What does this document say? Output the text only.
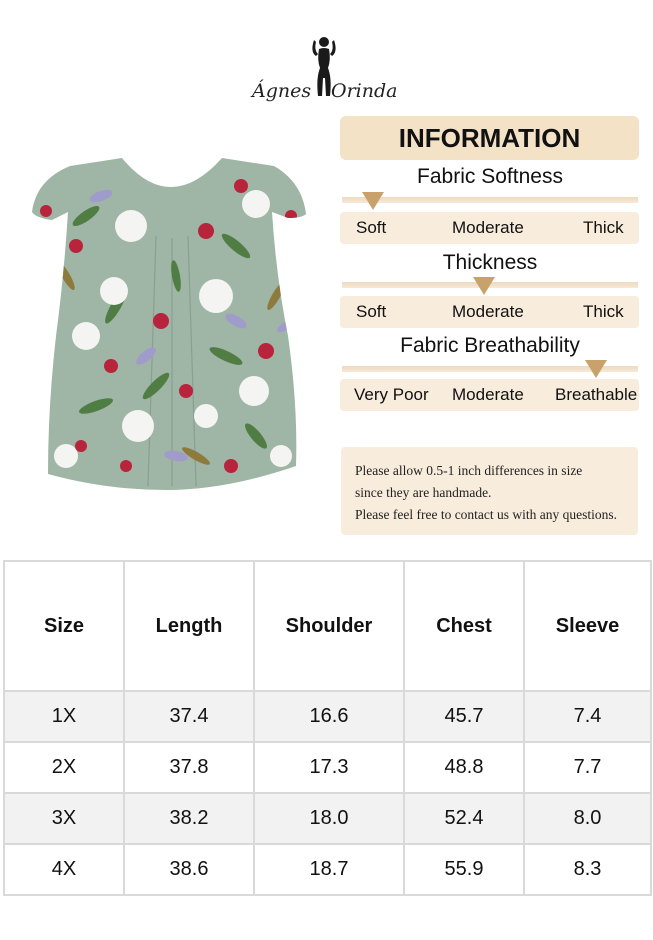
Ágnes Orinda
INFORMATION
Fabric Softness
Soft	Moderate	Thick
Thickness
Soft	Moderate	Thick
Fabric Breathability
Very Poor Moderate Breathable
Please allow 0.5-1 inch differences in size
since they are handmade.
Please feel free to contact us with any questions.
Size	Length	Shoulder	Chest	Sleeve
1X	37.4	16.6	45.7	7.4
2X	37.8	17.3	48.8	7.7
3X	38.2	18.0	52.4	8.0
4X	38.6	18.7	55.9	8.3
